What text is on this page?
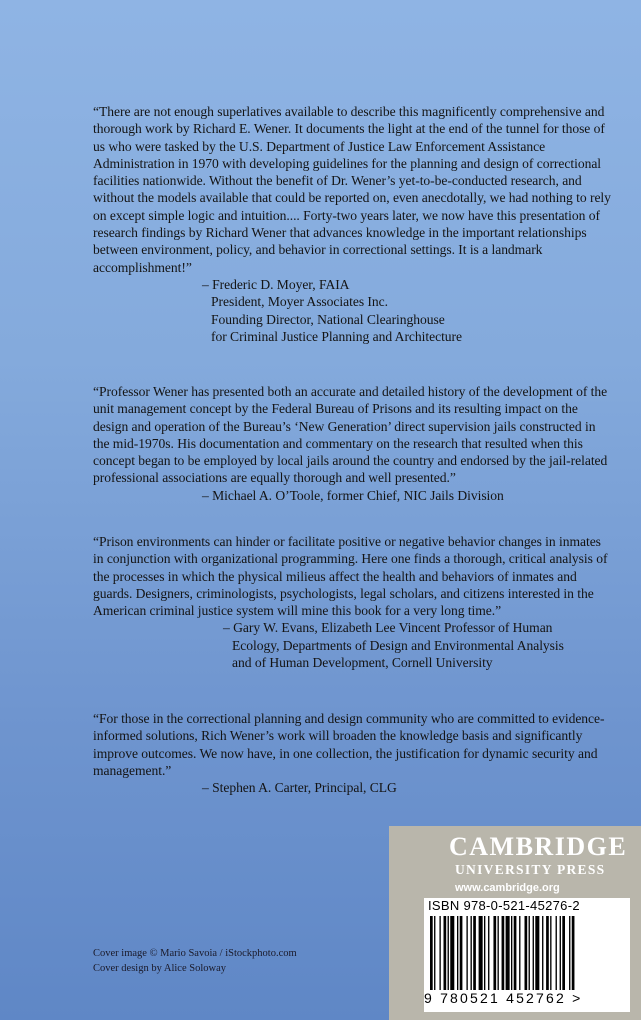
“There are not enough superlatives available to describe this magnificently comprehensive and thorough work by Richard E. Wener. It documents the light at the end of the tunnel for those of us who were tasked by the U.S. Department of Justice Law Enforcement Assistance Administration in 1970 with developing guidelines for the planning and design of correctional facilities nationwide. Without the benefit of Dr. Wener’s yet-to-be-conducted research, and without the models available that could be reported on, even anecdotally, we had nothing to rely on except simple logic and intuition.... Forty-two years later, we now have this presentation of research findings by Richard Wener that advances knowledge in the important relationships between environment, policy, and behavior in correctional settings. It is a landmark accomplishment!”

– Frederic D. Moyer, FAIA
President, Moyer Associates Inc.
Founding Director, National Clearinghouse
for Criminal Justice Planning and Architecture

“Professor Wener has presented both an accurate and detailed history of the development of the unit management concept by the Federal Bureau of Prisons and its resulting impact on the design and operation of the Bureau’s ‘New Generation’ direct supervision jails constructed in the mid-1970s. His documentation and commentary on the research that resulted when this concept began to be employed by local jails around the country and endorsed by the jail-related professional associations are equally thorough and well presented.”

– Michael A. O’Toole, former Chief, NIC Jails Division

“Prison environments can hinder or facilitate positive or negative behavior changes in inmates in conjunction with organizational programming. Here one finds a thorough, critical analysis of the processes in which the physical milieus affect the health and behaviors of inmates and guards. Designers, criminologists, psychologists, legal scholars, and citizens interested in the American criminal justice system will mine this book for a very long time.”

– Gary W. Evans, Elizabeth Lee Vincent Professor of Human
Ecology, Departments of Design and Environmental Analysis
and of Human Development, Cornell University

“For those in the correctional planning and design community who are committed to evidence-informed solutions, Rich Wener’s work will broaden the knowledge basis and significantly improve outcomes. We now have, in one collection, the justification for dynamic security and management.”

– Stephen A. Carter, Principal, CLG
Cover image © Mario Savoia / iStockphoto.com
Cover design by Alice Soloway
CAMBRIDGE
UNIVERSITY PRESS
www.cambridge.org
ISBN 978-0-521-45276-2
9 780521 452762 >
